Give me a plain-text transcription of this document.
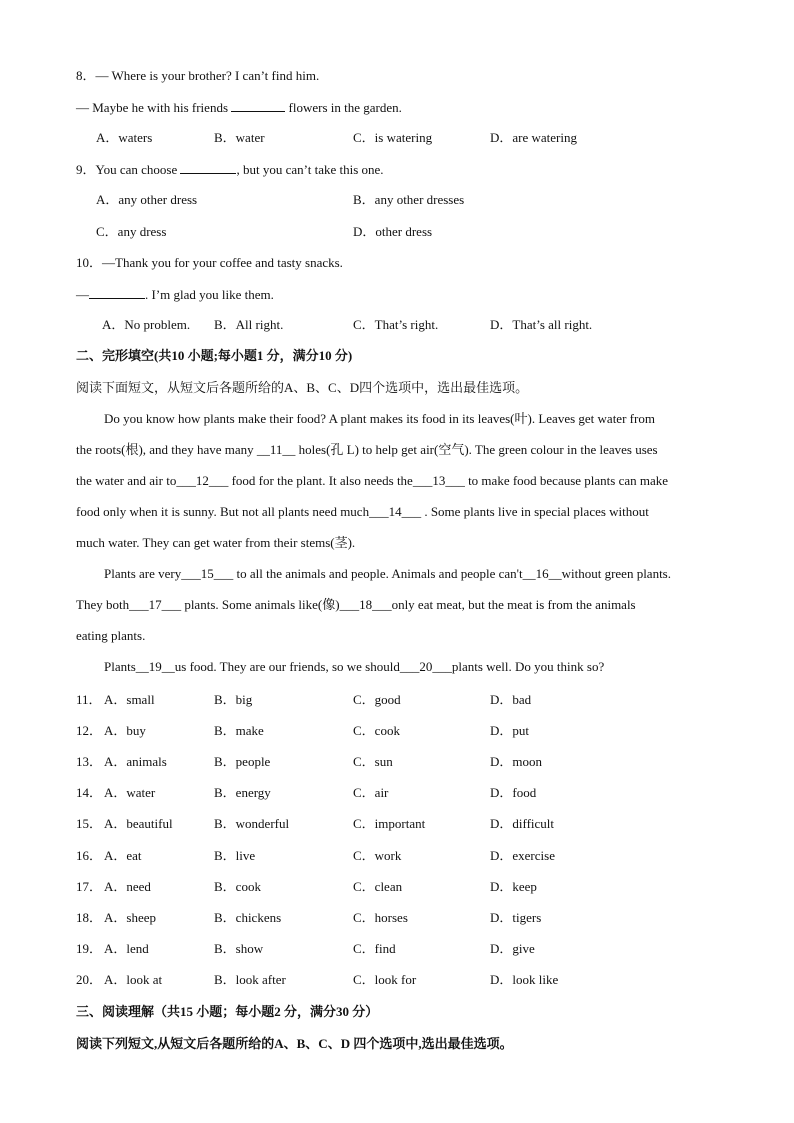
8．— Where is your brother? I can’t find him.
— Maybe he with his friends	flowers in the garden.
A．waters	B．water	C．is watering	D．are watering
9．You can choose	, but you can’t take this one.
A．any other dress	B．any other dresses
C．any dress	D．other dress
10．—Thank you for your coffee and tasty snacks.
—	. I’m glad you like them.
A．No problem. B．All right.	C．That’s right.	D．That’s all right.
二、完形填空(共10 小题;每小题1 分，满分10 分)
阅读下面短文，从短文后各题所给的A、B、C、D四个选项中，选出最佳选项。
Do you know how plants make their food? A plant makes its food in its leaves(叶). Leaves get water from
the roots(根), and they have many __11__ holes(孔 L) to help get air(空气). The green colour in the leaves uses
the water and air to___12___ food for the plant. It also needs the___13___ to make food because plants can make
food only when it is sunny. But not all plants need much___14___ . Some plants live in special places without
much water. They can get water from their stems(茎).
Plants are very___15___ to all the animals and people. Animals and people can't__16__without green plants.
They both___17___ plants. Some animals like(像)___18___only eat meat, but the meat is from the animals
eating plants.
Plants__19__us food. They are our friends, so we should___20___plants well. Do you think so?
11． A．small	B．big	C．good	D．bad
12． A．buy	B．make	C．cook	D．put
13． A．animals	B．people	C．sun	D．moon
14． A．water	B．energy	C．air	D．food
15． A．beautiful	B．wonderful	C．important	D．difficult
16． A．eat	B．live	C．work	D．exercise
17． A．need	B．cook	C．clean	D．keep
18． A．sheep	B．chickens	C．horses	D．tigers
19． A．lend	B．show	C．find	D．give
20． A．look at	B．look after	C．look for	D．look like
三、阅读理解（共15 小题；每小题2 分，满分30 分）
阅读下列短文,从短文后各题所给的A、B、C、D 四个选项中,选出最佳选项。
